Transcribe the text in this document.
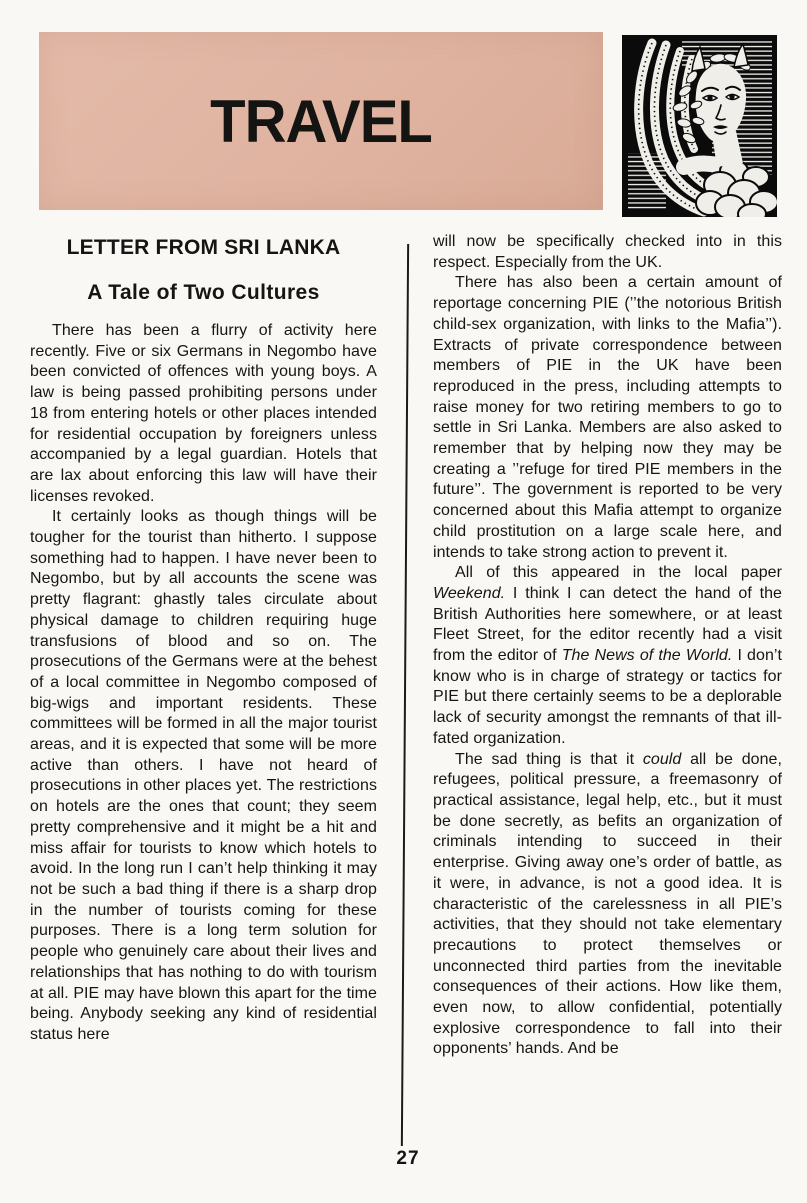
TRAVEL
LETTER FROM SRI LANKA
A Tale of Two Cultures

There has been a flurry of activity here recently. Five or six Germans in Negombo have been convicted of offences with young boys. A law is being passed prohibiting persons under 18 from entering hotels or other places intended for residential occupation by foreigners unless accompanied by a legal guardian. Hotels that are lax about enforcing this law will have their licenses revoked.

It certainly looks as though things will be tougher for the tourist than hitherto. I suppose something had to happen. I have never been to Negombo, but by all accounts the scene was pretty flagrant: ghastly tales circulate about physical damage to children requiring huge transfusions of blood and so on. The prosecutions of the Germans were at the behest of a local committee in Negombo composed of big-wigs and important residents. These committees will be formed in all the major tourist areas, and it is expected that some will be more active than others. I have not heard of prosecutions in other places yet. The restrictions on hotels are the ones that count; they seem pretty comprehensive and it might be a hit and miss affair for tourists to know which hotels to avoid. In the long run I can’t help thinking it may not be such a bad thing if there is a sharp drop in the number of tourists coming for these purposes. There is a long term solution for people who genuinely care about their lives and relationships that has nothing to do with tourism at all. PIE may have blown this apart for the time being. Anybody seeking any kind of residential status here

will now be specifically checked into in this respect. Especially from the UK.

There has also been a certain amount of reportage concerning PIE (’’the notorious British child-sex organization, with links to the Mafia’’). Extracts of private correspondence between members of PIE in the UK have been reproduced in the press, including attempts to raise money for two retiring members to go to settle in Sri Lanka. Members are also asked to remember that by helping now they may be creating a ’’refuge for tired PIE members in the future’’. The government is reported to be very concerned about this Mafia attempt to organize child prostitution on a large scale here, and intends to take strong action to prevent it.

All of this appeared in the local paper Weekend. I think I can detect the hand of the British Authorities here somewhere, or at least Fleet Street, for the editor recently had a visit from the editor of The News of the World. I don’t know who is in charge of strategy or tactics for PIE but there certainly seems to be a deplorable lack of security amongst the remnants of that ill-fated organization.

The sad thing is that it could all be done, refugees, political pressure, a freemasonry of practical assistance, legal help, etc., but it must be done secretly, as befits an organization of criminals intending to succeed in their enterprise. Giving away one’s order of battle, as it were, in advance, is not a good idea. It is characteristic of the carelessness in all PIE’s activities, that they should not take elementary precautions to protect themselves or unconnected third parties from the inevitable consequences of their actions. How like them, even now, to allow confidential, potentially explosive correspondence to fall into their opponents’ hands. And be

27
